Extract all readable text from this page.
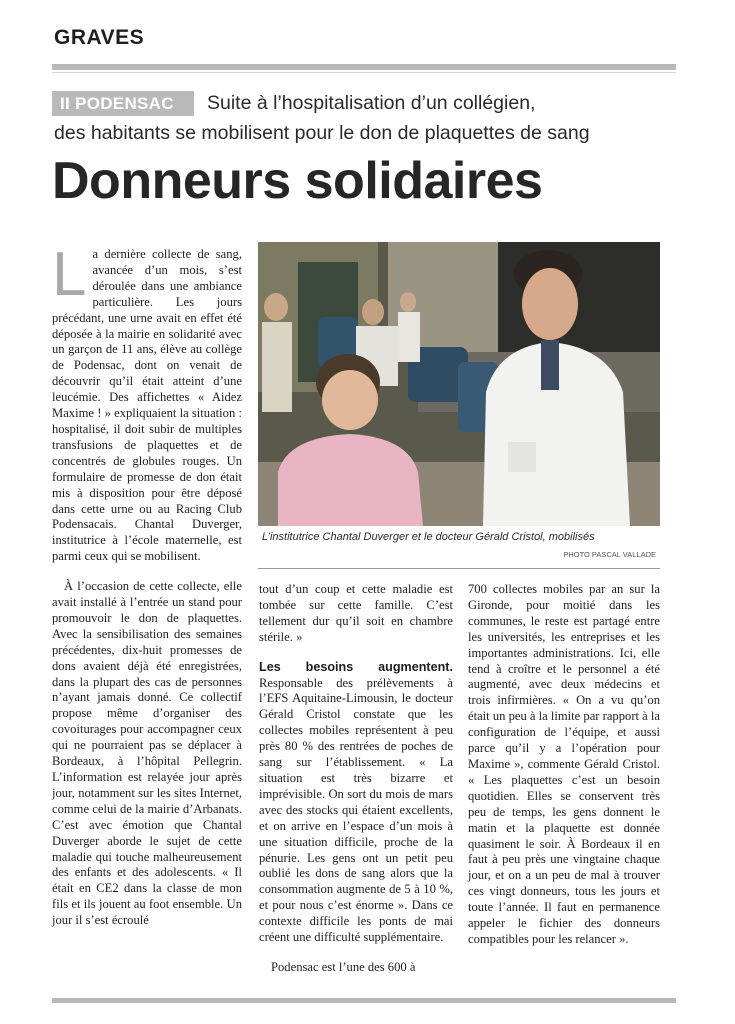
GRAVES
II PODENSAC	Suite à l’hospitalisation d’un collégien,
des habitants se mobilisent pour le don de plaquettes de sang
Donneurs solidaires

La dernière collecte de sang, avancée d’un mois, s’est déroulée dans une ambiance particulière. Les jours précédant, une urne avait en effet été déposée à la mairie en solidarité avec un garçon de 11 ans, élève au collège de Podensac, dont on venait de découvrir qu’il était atteint d’une leucémie. Des affichettes « Aidez Maxime ! » expliquaient la situation : hospitalisé, il doit subir de multiples transfusions de plaquettes et de concentrés de globules rouges. Un formulaire de promesse de don était mis à disposition pour être déposé dans cette urne ou au Racing Club Podensacais. Chantal Duverger, institutrice à l’école maternelle, est parmi ceux qui se mobilisent.

À l’occasion de cette collecte, elle avait installé à l’entrée un stand pour promouvoir le don de plaquettes. Avec la sensibilisation des semaines précédentes, dix-huit promesses de dons avaient déjà été enregistrées, dans la plupart des cas de personnes n’ayant jamais donné. Ce collectif propose même d’organiser des covoiturages pour accompagner ceux qui ne pourraient pas se déplacer à Bordeaux, à l’hôpital Pellegrin. L’information est relayée jour après jour, notamment sur les sites Internet, comme celui de la mairie d’Arbanats. C’est avec émotion que Chantal Duverger aborde le sujet de cette maladie qui touche malheureusement des enfants et des adolescents. « Il était en CE2 dans la classe de mon fils et ils jouent au foot ensemble. Un jour il s’est écroulé

L’institutrice Chantal Duverger et le docteur Gérald Cristol, mobilisés
PHOTO PASCAL VALLADE

tout d’un coup et cette maladie est tombée sur cette famille. C’est tellement dur qu’il soit en chambre stérile. »

Les besoins augmentent. Responsable des prélèvements à l’EFS Aquitaine-Limousin, le docteur Gérald Cristol constate que les collectes mobiles représentent à peu près 80 % des rentrées de poches de sang sur l’établissement. « La situation est très bizarre et imprévisible. On sort du mois de mars avec des stocks qui étaient excellents, et on arrive en l’espace d’un mois à une situation difficile, proche de la pénurie. Les gens ont un petit peu oublié les dons de sang alors que la consommation augmente de 5 à 10 %, et pour nous c’est énorme ». Dans ce contexte difficile les ponts de mai créent une difficulté supplémentaire.

Podensac est l’une des 600 à

700 collectes mobiles par an sur la Gironde, pour moitié dans les communes, le reste est partagé entre les universités, les entreprises et les importantes administrations. Ici, elle tend à croître et le personnel a été augmenté, avec deux médecins et trois infirmières. « On a vu qu’on était un peu à la limite par rapport à la configuration de l’équipe, et aussi parce qu’il y a l’opération pour Maxime », commente Gérald Cristol. « Les plaquettes c’est un besoin quotidien. Elles se conservent très peu de temps, les gens donnent le matin et la plaquette est donnée quasiment le soir. À Bordeaux il en faut à peu près une vingtaine chaque jour, et on a un peu de mal à trouver ces vingt donneurs, tous les jours et toute l’année. Il faut en permanence appeler le fichier des donneurs compatibles pour les relancer ».
